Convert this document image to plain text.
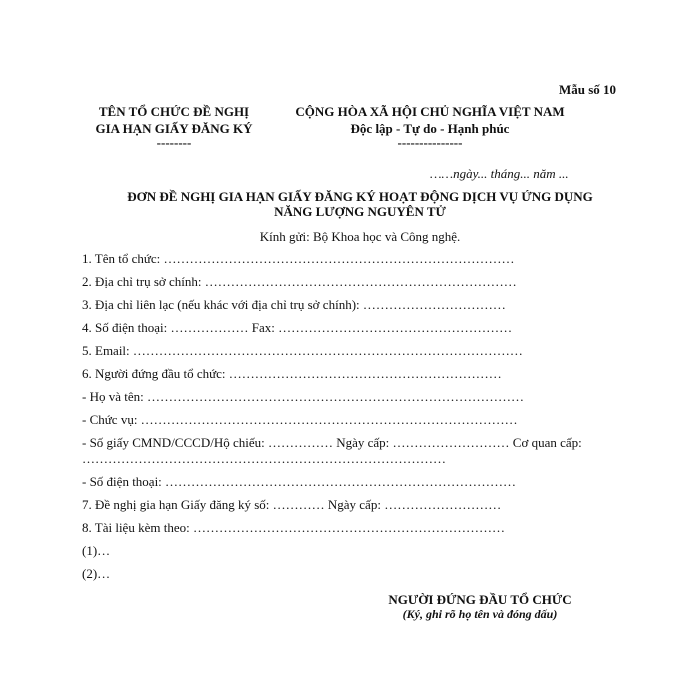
Mẫu số 10
TÊN TỔ CHỨC ĐỀ NGHỊ
GIA HẠN GIẤY ĐĂNG KÝ
--------
CỘNG HÒA XÃ HỘI CHỦ NGHĨA VIỆT NAM
Độc lập - Tự do - Hạnh phúc
---------------
……ngày... tháng... năm ...
ĐƠN ĐỀ NGHỊ GIA HẠN GIẤY ĐĂNG KÝ HOẠT ĐỘNG DỊCH VỤ ỨNG DỤNG
NĂNG LƯỢNG NGUYÊN TỬ
Kính gửi: Bộ Khoa học và Công nghệ.
1. Tên tổ chức: ………………………………………………………………………
2. Địa chỉ trụ sở chính: ………………………………………………………………
3. Địa chỉ liên lạc (nếu khác với địa chỉ trụ sở chính): ……………………………
4. Số điện thoại: ……………… Fax: ………………………………………………
5. Email: ………………………………………………………………………………
6. Người đứng đầu tổ chức: ………………………………………………………
- Họ và tên: ……………………………………………………………………………
- Chức vụ: ……………………………………………………………………………
- Số giấy CMND/CCCD/Hộ chiếu: …………… Ngày cấp: ……………………… Cơ quan cấp:
…………………………………………………………………………
- Số điện thoại: ………………………………………………………………………
7. Đề nghị gia hạn Giấy đăng ký số: ………… Ngày cấp: ………………………
8. Tài liệu kèm theo: ………………………………………………………………
(1)…
(2)…
NGƯỜI ĐỨNG ĐẦU TỔ CHỨC
(Ký, ghi rõ họ tên và đóng dấu)
